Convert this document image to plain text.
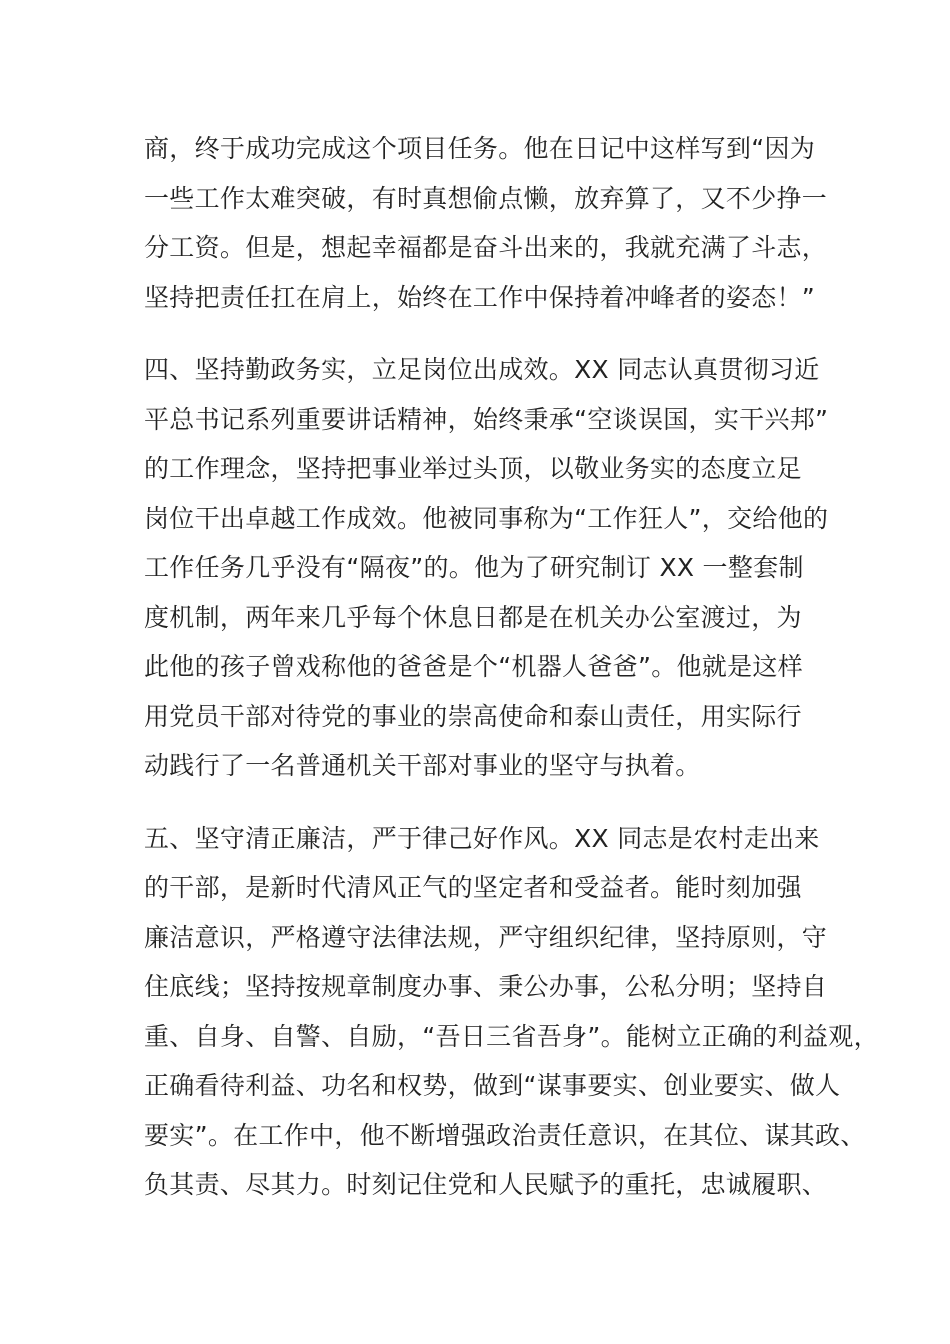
商，终于成功完成这个项目任务。他在日记中这样写到“因为
一些工作太难突破，有时真想偷点懒，放弃算了，又不少挣一
分工资。但是，想起幸福都是奋斗出来的，我就充满了斗志，
坚持把责任扛在肩上，始终在工作中保持着冲峰者的姿态！”
四、坚持勤政务实，立足岗位出成效。XX 同志认真贯彻习近
平总书记系列重要讲话精神，始终秉承“空谈误国，实干兴邦”
的工作理念，坚持把事业举过头顶，以敬业务实的态度立足
岗位干出卓越工作成效。他被同事称为“工作狂人”，交给他的
工作任务几乎没有“隔夜”的。他为了研究制订 XX 一整套制
度机制，两年来几乎每个休息日都是在机关办公室渡过，为
此他的孩子曾戏称他的爸爸是个“机器人爸爸”。他就是这样
用党员干部对待党的事业的崇高使命和泰山责任，用实际行
动践行了一名普通机关干部对事业的坚守与执着。
五、坚守清正廉洁，严于律己好作风。XX 同志是农村走出来
的干部，是新时代清风正气的坚定者和受益者。能时刻加强
廉洁意识，严格遵守法律法规，严守组织纪律，坚持原则，守
住底线；坚持按规章制度办事、秉公办事，公私分明；坚持自
重、自身、自警、自励，“吾日三省吾身”。能树立正确的利益观，
正确看待利益、功名和权势，做到“谋事要实、创业要实、做人
要实”。在工作中，他不断增强政治责任意识，在其位、谋其政、
负其责、尽其力。时刻记住党和人民赋予的重托，忠诚履职、
